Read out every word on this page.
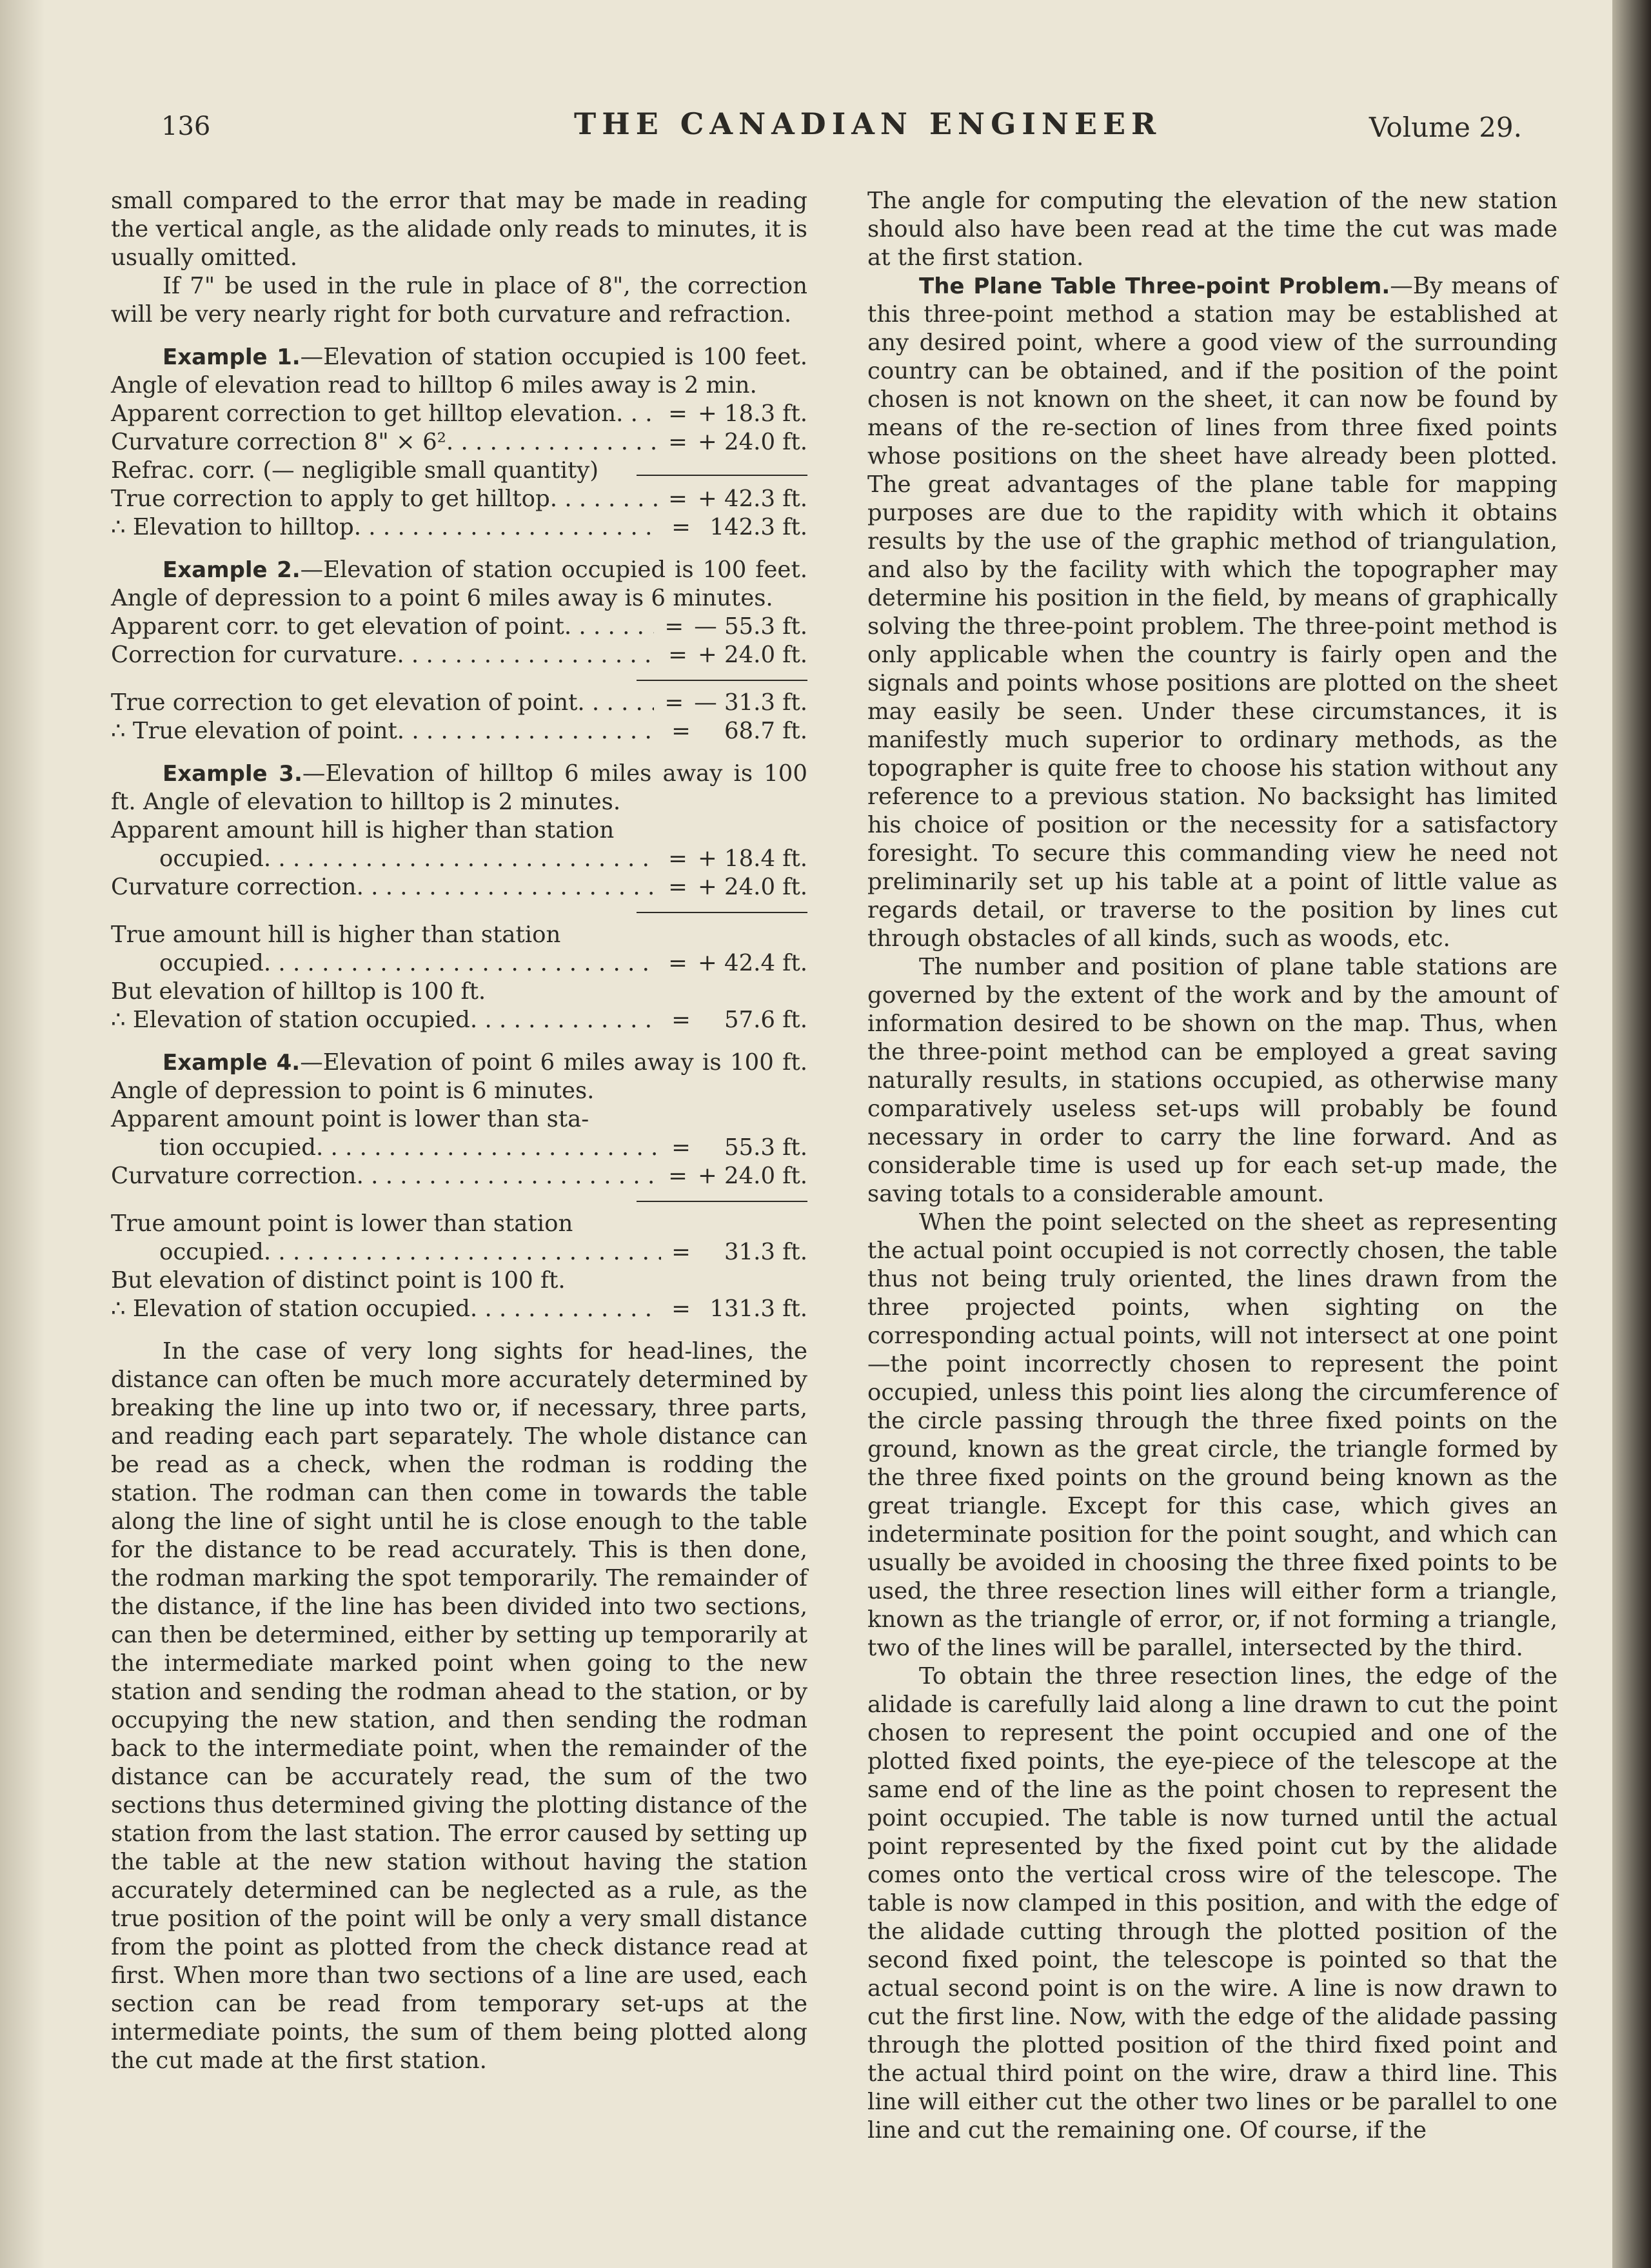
136	THE CANADIAN ENGINEER	Volume 29.

small compared to the error that may be made in reading the vertical angle, as the alidade only reads to minutes, it is usually omitted.

If 7" be used in the rule in place of 8", the correction will be very nearly right for both curvature and refraction.

Example 1.—Elevation of station occupied is 100 feet. Angle of elevation read to hilltop 6 miles away is 2 min.

Apparent correction to get hilltop elevation . . .	= + 18.3 ft.
Curvature correction 8" × 6² . . .	= + 24.0 ft.
Refrac. corr. (— negligible small quantity)
True correction to apply to get hilltop . . .	= + 42.3 ft.
∴ Elevation to hilltop . . .	= 142.3 ft.

Example 2.—Elevation of station occupied is 100 feet. Angle of depression to a point 6 miles away is 6 minutes.

Apparent corr. to get elevation of point . . .	= — 55.3 ft.
Correction for curvature . . .	= + 24.0 ft.
True correction to get elevation of point . . .	= — 31.3 ft.
∴ True elevation of point . . .	=	68.7 ft.

Example 3.—Elevation of hilltop 6 miles away is 100 ft. Angle of elevation to hilltop is 2 minutes.

Apparent amount hill is higher than station
occupied . . .	= + 18.4 ft.
Curvature correction . . .	= + 24.0 ft.
True amount hill is higher than station
occupied . . .	= + 42.4 ft.
But elevation of hilltop is 100 ft.
∴ Elevation of station occupied . . .	=	57.6 ft.

Example 4.—Elevation of point 6 miles away is 100 ft. Angle of depression to point is 6 minutes.

Apparent amount point is lower than sta-
tion occupied . . .	=	55.3 ft.
Curvature correction . . .	= + 24.0 ft.
True amount point is lower than station
occupied . . .	=	31.3 ft.
But elevation of distinct point is 100 ft.
∴ Elevation of station occupied . . .	= 131.3 ft.

In the case of very long sights for head-lines, the distance can often be much more accurately determined by breaking the line up into two or, if necessary, three parts, and reading each part separately. The whole distance can be read as a check, when the rodman is rodding the station. The rodman can then come in towards the table along the line of sight until he is close enough to the table for the distance to be read accurately. This is then done, the rodman marking the spot temporarily. The remainder of the distance, if the line has been divided into two sections, can then be determined, either by setting up temporarily at the intermediate marked point when going to the new station and sending the rodman ahead to the station, or by occupying the new station, and then sending the rodman back to the intermediate point, when the remainder of the distance can be accurately read, the sum of the two sections thus determined giving the plotting distance of the station from the last station. The error caused by setting up the table at the new station without having the station accurately determined can be neglected as a rule, as the true position of the point will be only a very small distance from the point as plotted from the check distance read at first. When more than two sections of a line are used, each section can be read from temporary set-ups at the intermediate points, the sum of them being plotted along the cut made at the first station.

The angle for computing the elevation of the new station should also have been read at the time the cut was made at the first station.

The Plane Table Three-point Problem.—By means of this three-point method a station may be established at any desired point, where a good view of the surrounding country can be obtained, and if the position of the point chosen is not known on the sheet, it can now be found by means of the re-section of lines from three fixed points whose positions on the sheet have already been plotted. The great advantages of the plane table for mapping purposes are due to the rapidity with which it obtains results by the use of the graphic method of triangulation, and also by the facility with which the topographer may determine his position in the field, by means of graphically solving the three-point problem. The three-point method is only applicable when the country is fairly open and the signals and points whose positions are plotted on the sheet may easily be seen. Under these circumstances, it is manifestly much superior to ordinary methods, as the topographer is quite free to choose his station without any reference to a previous station. No backsight has limited his choice of position or the necessity for a satisfactory foresight. To secure this commanding view he need not preliminarily set up his table at a point of little value as regards detail, or traverse to the position by lines cut through obstacles of all kinds, such as woods, etc.

The number and position of plane table stations are governed by the extent of the work and by the amount of information desired to be shown on the map. Thus, when the three-point method can be employed a great saving naturally results, in stations occupied, as otherwise many comparatively useless set-ups will probably be found necessary in order to carry the line forward. And as considerable time is used up for each set-up made, the saving totals to a considerable amount.

When the point selected on the sheet as representing the actual point occupied is not correctly chosen, the table thus not being truly oriented, the lines drawn from the three projected points, when sighting on the corresponding actual points, will not intersect at one point—the point incorrectly chosen to represent the point occupied, unless this point lies along the circumference of the circle passing through the three fixed points on the ground, known as the great circle, the triangle formed by the three fixed points on the ground being known as the great triangle. Except for this case, which gives an indeterminate position for the point sought, and which can usually be avoided in choosing the three fixed points to be used, the three resection lines will either form a triangle, known as the triangle of error, or, if not forming a triangle, two of the lines will be parallel, intersected by the third.

To obtain the three resection lines, the edge of the alidade is carefully laid along a line drawn to cut the point chosen to represent the point occupied and one of the plotted fixed points, the eye-piece of the telescope at the same end of the line as the point chosen to represent the point occupied. The table is now turned until the actual point represented by the fixed point cut by the alidade comes onto the vertical cross wire of the telescope. The table is now clamped in this position, and with the edge of the alidade cutting through the plotted position of the second fixed point, the telescope is pointed so that the actual second point is on the wire. A line is now drawn to cut the first line. Now, with the edge of the alidade passing through the plotted position of the third fixed point and the actual third point on the wire, draw a third line. This line will either cut the other two lines or be parallel to one line and cut the remaining one. Of course, if the
